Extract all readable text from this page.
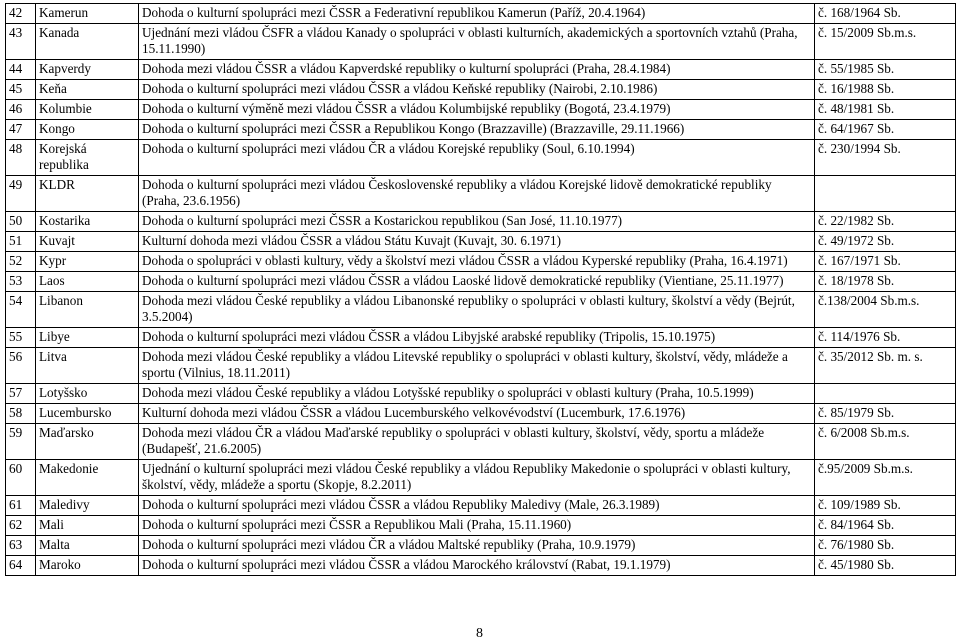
42	Kamerun	Dohoda o kulturní spolupráci mezi ČSSR a Federativní republikou Kamerun (Paříž, 20.4.1964)	č. 168/1964 Sb.
43	Kanada	Ujednání mezi vládou ČSFR a vládou Kanady o spolupráci v oblasti kulturních, akademických a sportovních vztahů (Praha, 15.11.1990)	č. 15/2009 Sb.m.s.
44	Kapverdy	Dohoda mezi vládou ČSSR a vládou Kapverdské republiky o kulturní spolupráci (Praha, 28.4.1984)	č. 55/1985 Sb.
45	Keňa	Dohoda o kulturní spolupráci mezi vládou ČSSR a vládou Keňské republiky (Nairobi, 2.10.1986)	č. 16/1988 Sb.
46	Kolumbie	Dohoda o kulturní výměně mezi vládou ČSSR a vládou Kolumbijské republiky (Bogotá, 23.4.1979)	č. 48/1981 Sb.
47	Kongo	Dohoda o kulturní spolupráci mezi ČSSR a Republikou Kongo (Brazzaville) (Brazzaville, 29.11.1966)	č. 64/1967 Sb.
48	Korejská republika	Dohoda o kulturní spolupráci mezi vládou ČR a vládou Korejské republiky (Soul, 6.10.1994)	č. 230/1994 Sb.
49	KLDR	Dohoda o kulturní spolupráci mezi vládou Československé republiky a vládou Korejské lidově demokratické republiky (Praha, 23.6.1956)	
50	Kostarika	Dohoda o kulturní spolupráci mezi ČSSR a Kostarickou republikou (San José, 11.10.1977)	č. 22/1982 Sb.
51	Kuvajt	Kulturní dohoda mezi vládou ČSSR a vládou Státu Kuvajt (Kuvajt, 30. 6.1971)	č. 49/1972 Sb.
52	Kypr	Dohoda o spolupráci v oblasti kultury, vědy a školství mezi vládou ČSSR a vládou Kyperské republiky (Praha, 16.4.1971)	č. 167/1971 Sb.
53	Laos	Dohoda o kulturní spolupráci mezi vládou ČSSR a vládou Laoské lidově demokratické republiky (Vientiane, 25.11.1977)	č. 18/1978 Sb.
54	Libanon	Dohoda mezi vládou České republiky a vládou Libanonské republiky o spolupráci v oblasti kultury, školství a vědy (Bejrút, 3.5.2004)	č.138/2004 Sb.m.s.
55	Libye	Dohoda o kulturní spolupráci mezi vládou ČSSR a vládou Libyjské arabské republiky (Tripolis, 15.10.1975)	č. 114/1976 Sb.
56	Litva	Dohoda mezi vládou České republiky a vládou Litevské republiky o spolupráci v oblasti kultury, školství, vědy, mládeže a sportu (Vilnius, 18.11.2011)	č. 35/2012 Sb. m. s.
57	Lotyšsko	Dohoda mezi vládou České republiky a vládou Lotyšské republiky o spolupráci v oblasti kultury (Praha, 10.5.1999)	
58	Lucembursko	Kulturní dohoda mezi vládou ČSSR a vládou Lucemburského velkovévodství (Lucemburk, 17.6.1976)	č. 85/1979 Sb.
59	Maďarsko	Dohoda mezi vládou ČR a vládou Maďarské republiky o spolupráci v oblasti kultury, školství, vědy, sportu a mládeže (Budapešť, 21.6.2005)	č. 6/2008 Sb.m.s.
60	Makedonie	Ujednání o kulturní spolupráci mezi vládou České republiky a vládou Republiky Makedonie o spolupráci v oblasti kultury, školství, vědy, mládeže a sportu (Skopje, 8.2.2011)	č.95/2009 Sb.m.s.
61	Maledivy	Dohoda o kulturní spolupráci mezi vládou ČSSR a vládou Republiky Maledivy (Male, 26.3.1989)	č. 109/1989 Sb.
62	Mali	Dohoda o kulturní spolupráci mezi ČSSR a Republikou Mali (Praha, 15.11.1960)	č. 84/1964 Sb.
63	Malta	Dohoda o kulturní spolupráci mezi vládou ČR a vládou Maltské republiky (Praha, 10.9.1979)	č. 76/1980 Sb.
64	Maroko	Dohoda o kulturní spolupráci mezi vládou ČSSR a vládou Marockého království (Rabat, 19.1.1979)	č. 45/1980 Sb.
8
